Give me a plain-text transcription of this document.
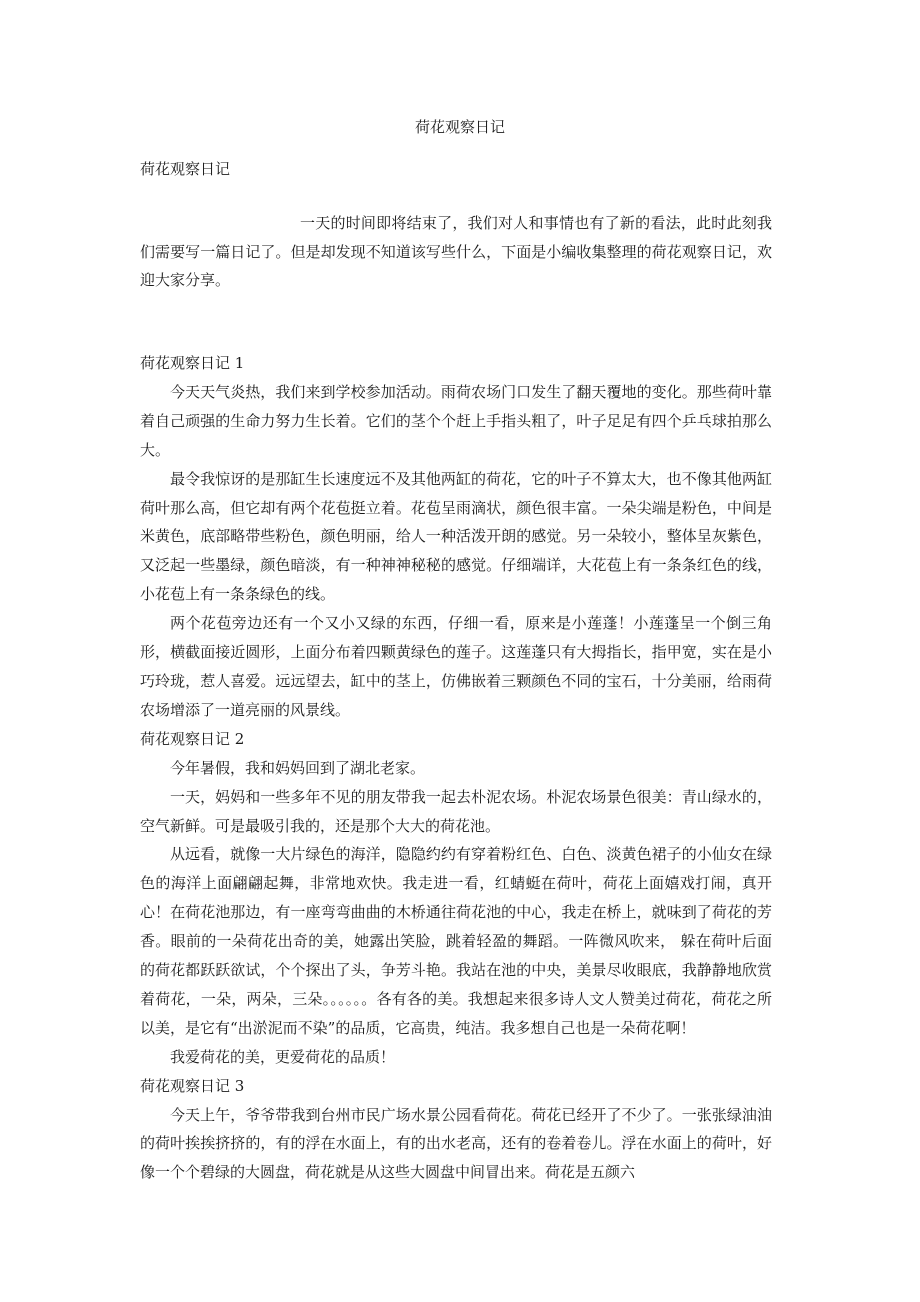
荷花观察日记
荷花观察日记

一天的时间即将结束了，我们对人和事情也有了新的看法，此时此刻我们需要写一篇日记了。但是却发现不知道该写些什么，下面是小编收集整理的荷花观察日记，欢迎大家分享。

荷花观察日记 1

今天天气炎热，我们来到学校参加活动。雨荷农场门口发生了翻天覆地的变化。那些荷叶靠着自己顽强的生命力努力生长着。它们的茎个个赶上手指头粗了，叶子足足有四个乒乓球拍那么大。

最令我惊讶的是那缸生长速度远不及其他两缸的荷花，它的叶子不算太大，也不像其他两缸荷叶那么高，但它却有两个花苞挺立着。花苞呈雨滴状，颜色很丰富。一朵尖端是粉色，中间是米黄色，底部略带些粉色，颜色明丽，给人一种活泼开朗的感觉。另一朵较小，整体呈灰紫色，又泛起一些墨绿，颜色暗淡，有一种神神秘秘的感觉。仔细端详，大花苞上有一条条红色的线，小花苞上有一条条绿色的线。

两个花苞旁边还有一个又小又绿的东西，仔细一看，原来是小莲蓬！小莲蓬呈一个倒三角形，横截面接近圆形，上面分布着四颗黄绿色的莲子。这莲蓬只有大拇指长，指甲宽，实在是小巧玲珑，惹人喜爱。远远望去，缸中的茎上，仿佛嵌着三颗颜色不同的宝石，十分美丽，给雨荷农场增添了一道亮丽的风景线。

荷花观察日记 2

今年暑假，我和妈妈回到了湖北老家。

一天，妈妈和一些多年不见的朋友带我一起去朴泥农场。朴泥农场景色很美：青山绿水的，空气新鲜。可是最吸引我的，还是那个大大的荷花池。

从远看，就像一大片绿色的海洋，隐隐约约有穿着粉红色、白色、淡黄色裙子的小仙女在绿色的海洋上面翩翩起舞，非常地欢快。我走进一看，红蜻蜓在荷叶，荷花上面嬉戏打闹，真开心！在荷花池那边，有一座弯弯曲曲的木桥通往荷花池的中心，我走在桥上，就味到了荷花的芳香。眼前的一朵荷花出奇的美，她露出笑脸，跳着轻盈的舞蹈。一阵微风吹来， 躲在荷叶后面的荷花都跃跃欲试，个个探出了头，争芳斗艳。我站在池的中央，美景尽收眼底，我静静地欣赏着荷花，一朵，两朵，三朵。。。。。。各有各的美。我想起来很多诗人文人赞美过荷花，荷花之所以美，是它有“出淤泥而不染”的品质，它高贵，纯洁。我多想自己也是一朵荷花啊！

我爱荷花的美，更爱荷花的品质！

荷花观察日记 3

今天上午，爷爷带我到台州市民广场水景公园看荷花。荷花已经开了不少了。一张张绿油油的荷叶挨挨挤挤的，有的浮在水面上，有的出水老高，还有的卷着卷儿。浮在水面上的荷叶，好像一个个碧绿的大圆盘，荷花就是从这些大圆盘中间冒出来。荷花是五颜六
